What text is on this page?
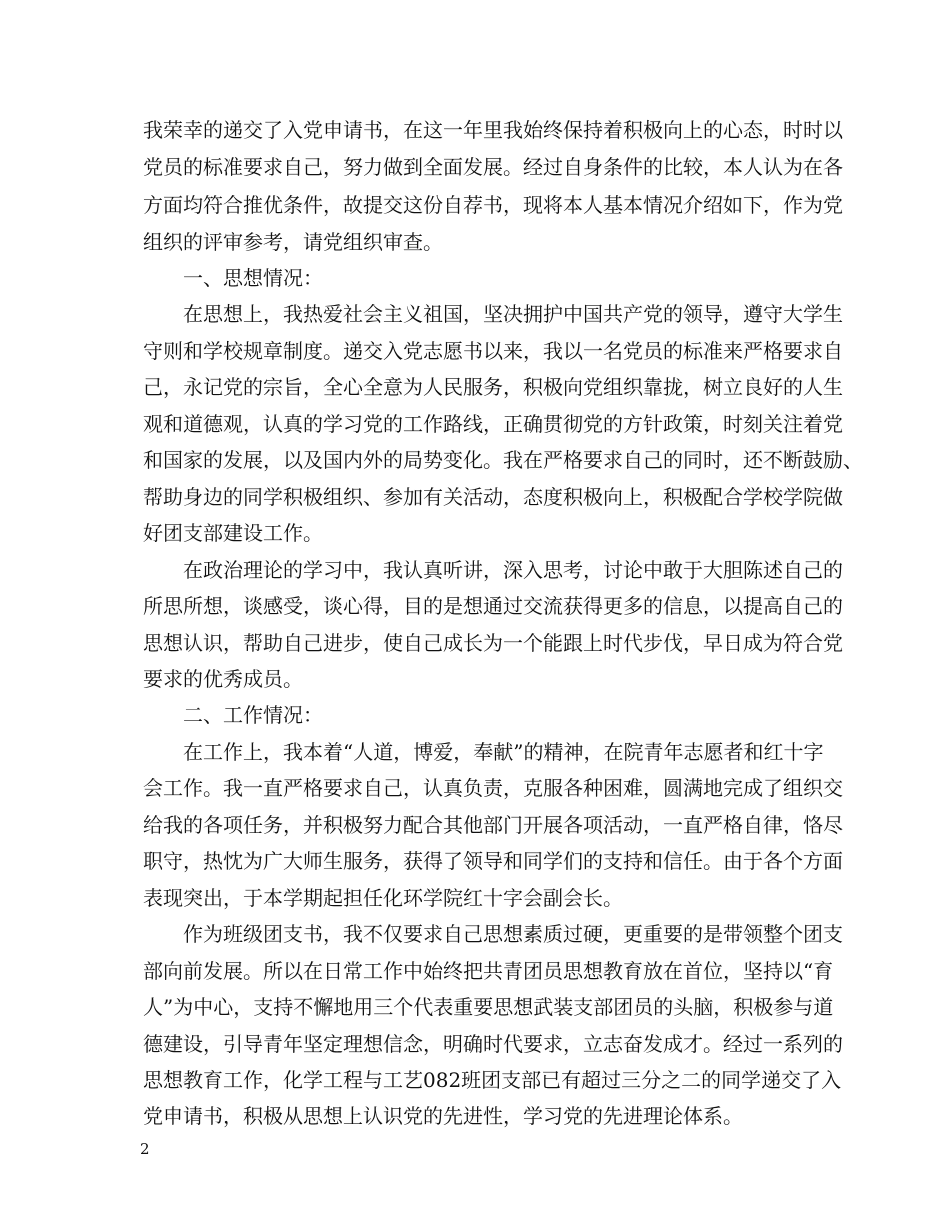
我荣幸的递交了入党申请书，在这一年里我始终保持着积极向上的心态，时时以
党员的标准要求自己，努力做到全面发展。经过自身条件的比较，本人认为在各
方面均符合推优条件，故提交这份自荐书，现将本人基本情况介绍如下，作为党
组织的评审参考，请党组织审查。
一、思想情况：
在思想上，我热爱社会主义祖国，坚决拥护中国共产党的领导，遵守大学生
守则和学校规章制度。递交入党志愿书以来，我以一名党员的标准来严格要求自
己，永记党的宗旨，全心全意为人民服务，积极向党组织靠拢，树立良好的人生
观和道德观，认真的学习党的工作路线，正确贯彻党的方针政策，时刻关注着党
和国家的发展，以及国内外的局势变化。我在严格要求自己的同时，还不断鼓励、
帮助身边的同学积极组织、参加有关活动，态度积极向上，积极配合学校学院做
好团支部建设工作。
在政治理论的学习中，我认真听讲，深入思考，讨论中敢于大胆陈述自己的
所思所想，谈感受，谈心得，目的是想通过交流获得更多的信息，以提高自己的
思想认识，帮助自己进步，使自己成长为一个能跟上时代步伐，早日成为符合党
要求的优秀成员。
二、工作情况：
在工作上，我本着“人道，博爱，奉献”的精神，在院青年志愿者和红十字
会工作。我一直严格要求自己，认真负责，克服各种困难，圆满地完成了组织交
给我的各项任务，并积极努力配合其他部门开展各项活动，一直严格自律，恪尽
职守，热忱为广大师生服务，获得了领导和同学们的支持和信任。由于各个方面
表现突出，于本学期起担任化环学院红十字会副会长。
作为班级团支书，我不仅要求自己思想素质过硬，更重要的是带领整个团支
部向前发展。所以在日常工作中始终把共青团员思想教育放在首位，坚持以“育
人”为中心，支持不懈地用三个代表重要思想武装支部团员的头脑，积极参与道
德建设，引导青年坚定理想信念，明确时代要求，立志奋发成才。经过一系列的
思想教育工作，化学工程与工艺082班团支部已有超过三分之二的同学递交了入
党申请书，积极从思想上认识党的先进性，学习党的先进理论体系。
2
